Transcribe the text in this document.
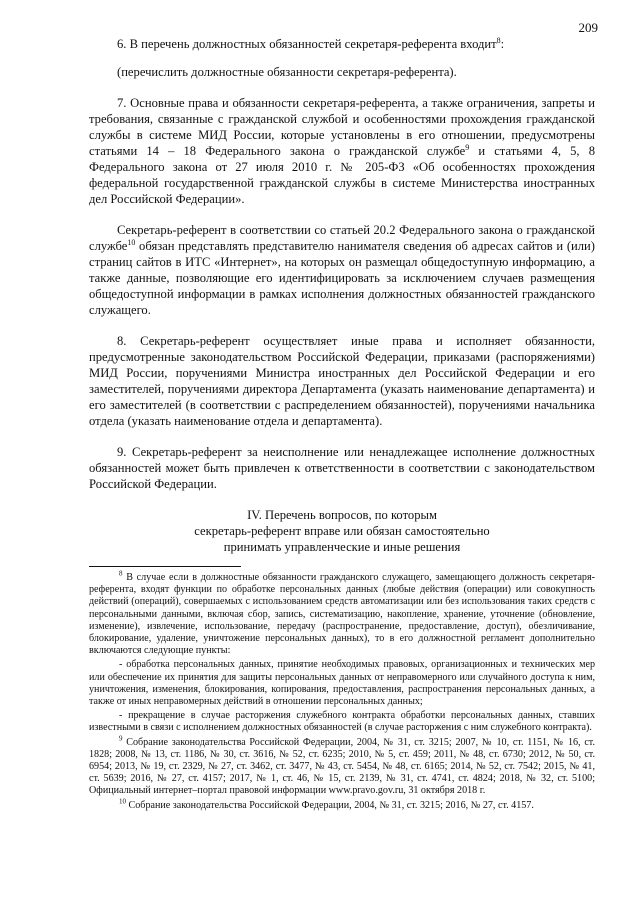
209

6. В перечень должностных обязанностей секретаря-референта входит$^8$:

(перечислить должностные обязанности секретаря-референта).

7. Основные права и обязанности секретаря-референта, а также ограничения, запреты и требования, связанные с гражданской службой и особенностями прохождения гражданской службы в системе МИД России, которые установлены в его отношении, предусмотрены статьями 14 – 18 Федерального закона о гражданской службе$^9$ и статьями 4, 5, 8 Федерального закона от 27 июля 2010 г. № 205-ФЗ «Об особенностях прохождения федеральной государственной гражданской службы в системе Министерства иностранных дел Российской Федерации».

Секретарь-референт в соответствии со статьей 20.2 Федерального закона о гражданской службе$^{10}$ обязан представлять представителю нанимателя сведения об адресах сайтов и (или) страниц сайтов в ИТС «Интернет», на которых он размещал общедоступную информацию, а также данные, позволяющие его идентифицировать за исключением случаев размещения общедоступной информации в рамках исполнения должностных обязанностей гражданского служащего.

8. Секретарь-референт осуществляет иные права и исполняет обязанности, предусмотренные законодательством Российской Федерации, приказами (распоряжениями) МИД России, поручениями Министра иностранных дел Российской Федерации и его заместителей, поручениями директора Департамента (указать наименование департамента) и его заместителей (в соответствии с распределением обязанностей), поручениями начальника отдела (указать наименование отдела и департамента).

9. Секретарь-референт за неисполнение или ненадлежащее исполнение должностных обязанностей может быть привлечен к ответственности в соответствии с законодательством Российской Федерации.

IV. Перечень вопросов, по которым
секретарь-референт вправе или обязан самостоятельно
принимать управленческие и иные решения

$^8$ В случае если в должностные обязанности гражданского служащего, замещающего должность секретаря-референта, входят функции по обработке персональных данных (любые действия (операции) или совокупность действий (операций), совершаемых с использованием средств автоматизации или без использования таких средств с персональными данными, включая сбор, запись, систематизацию, накопление, хранение, уточнение (обновление, изменение), извлечение, использование, передачу (распространение, предоставление, доступ), обезличивание, блокирование, удаление, уничтожение персональных данных), то в его должностной регламент дополнительно включаются следующие пункты:

- обработка персональных данных, принятие необходимых правовых, организационных и технических мер или обеспечение их принятия для защиты персональных данных от неправомерного или случайного доступа к ним, уничтожения, изменения, блокирования, копирования, предоставления, распространения персональных данных, а также от иных неправомерных действий в отношении персональных данных;

- прекращение в случае расторжения служебного контракта обработки персональных данных, ставших известными в связи с исполнением должностных обязанностей (в случае расторжения с ним служебного контракта).

$^9$ Собрание законодательства Российской Федерации, 2004, № 31, ст. 3215; 2007, № 10, ст. 1151, № 16, ст. 1828; 2008, № 13, ст. 1186, № 30, ст. 3616, № 52, ст. 6235; 2010, № 5, ст. 459; 2011, № 48, ст. 6730; 2012, № 50, ст. 6954; 2013, № 19, ст. 2329, № 27, ст. 3462, ст. 3477, № 43, ст. 5454, № 48, ст. 6165; 2014, № 52, ст. 7542; 2015, № 41, ст. 5639; 2016, № 27, ст. 4157; 2017, № 1, ст. 46, № 15, ст. 2139, № 31, ст. 4741, ст. 4824; 2018, № 32, ст. 5100; Официальный интернет–портал правовой информации www.pravo.gov.ru, 31 октября 2018 г.

$^{10}$ Собрание законодательства Российской Федерации, 2004, № 31, ст. 3215; 2016, № 27, ст. 4157.
